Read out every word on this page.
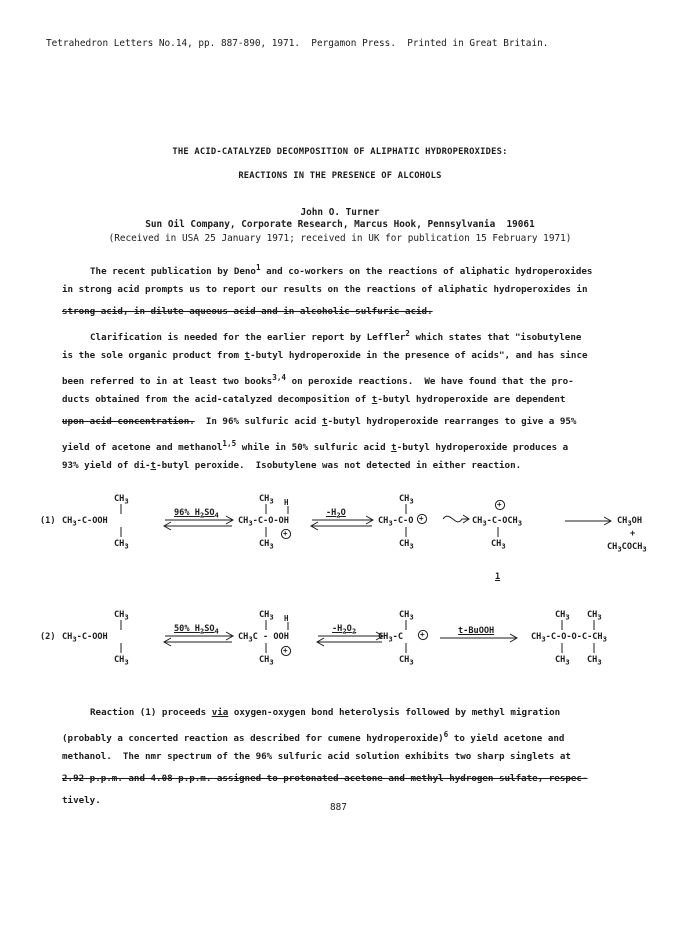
Tetrahedron Letters No.14, pp. 887-890, 1971. Pergamon Press. Printed in Great Britain.
THE ACID-CATALYZED DECOMPOSITION OF ALIPHATIC HYDROPEROXIDES:
REACTIONS IN THE PRESENCE OF ALCOHOLS
John O. Turner
Sun Oil Company, Corporate Research, Marcus Hook, Pennsylvania  19061
(Received in USA 25 January 1971; received in UK for publication 15 February 1971)
The recent publication by Deno$^1$ and co-workers on the reactions of aliphatic hydroperoxides
in strong acid prompts us to report our results on the reactions of aliphatic hydroperoxides in
strong acid, in dilute aqueous acid and in alcoholic sulfuric acid.
Clarification is needed for the earlier report by Leffler$^2$ which states that "isobutylene
is the sole organic product from t-butyl hydroperoxide in the presence of acids", and has since
been referred to in at least two books$^{3,4}$ on peroxide reactions.  We have found that the pro-
ducts obtained from the acid-catalyzed decomposition of t-butyl hydroperoxide are dependent
upon acid concentration.  In 96% sulfuric acid t-butyl hydroperoxide rearranges to give a 95%
yield of acetone and methanol$^{1,5}$ while in 50% sulfuric acid t-butyl hydroperoxide produces a
93% yield of di-t-butyl peroxide.  Isobutylene was not detected in either reaction.
(1)
$CH_3$
$CH_3-C$-OOH
$CH_3$
96% $H_2SO_4$
$CH_3$ H
$CH_3-C-O-OH$
$CH_3$
+
$-H_2O$
$CH_3$
$CH_3-C-O$
$CH_3$
+
+
$CH_3-C-OCH_3$
$CH_3$
1
$CH_3OH$
+
$CH_3COCH_3$
(2)
$CH_3$
$CH_3-C$-OOH
$CH_3$
50% $H_2SO_4$
$CH_3$ H
$CH_3C$ - OOH
$CH_3$
+
$-H_2O_2$
$CH_3$
$CH_3-C$
$CH_3$
+	t-BuOOH
$CH_3$ $CH_3$
$CH_3-C-O-O-C-CH_3$
$CH_3$ $CH_3$
Reaction (1) proceeds via oxygen-oxygen bond heterolysis followed by methyl migration
(probably a concerted reaction as described for cumene hydroperoxide)$^6$ to yield acetone and
methanol.  The nmr spectrum of the 96% sulfuric acid solution exhibits two sharp singlets at
2.92 p.p.m. and 4.08 p.p.m. assigned to protonated acetone and methyl hydrogen sulfate, respec-
tively.
887
